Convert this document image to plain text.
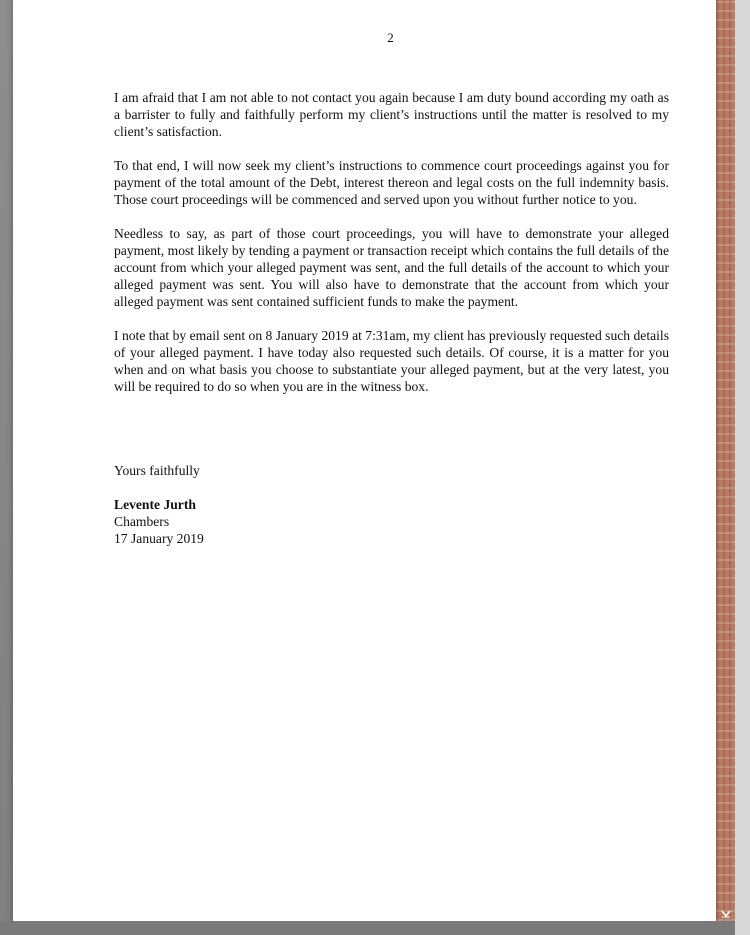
2

I am afraid that I am not able to not contact you again because I am duty bound according my oath as a barrister to fully and faithfully perform my client’s instructions until the matter is resolved to my client’s satisfaction.

To that end, I will now seek my client’s instructions to commence court proceedings against you for payment of the total amount of the Debt, interest thereon and legal costs on the full indemnity basis. Those court proceedings will be commenced and served upon you without further notice to you.

Needless to say, as part of those court proceedings, you will have to demonstrate your alleged payment, most likely by tending a payment or transaction receipt which contains the full details of the account from which your alleged payment was sent, and the full details of the account to which your alleged payment was sent. You will also have to demonstrate that the account from which your alleged payment was sent contained sufficient funds to make the payment.

I note that by email sent on 8 January 2019 at 7:31am, my client has previously requested such details of your alleged payment. I have today also requested such details. Of course, it is a matter for you when and on what basis you choose to substantiate your alleged payment, but at the very latest, you will be required to do so when you are in the witness box.

Yours faithfully
Levente Jurth
Chambers
17 January 2019
